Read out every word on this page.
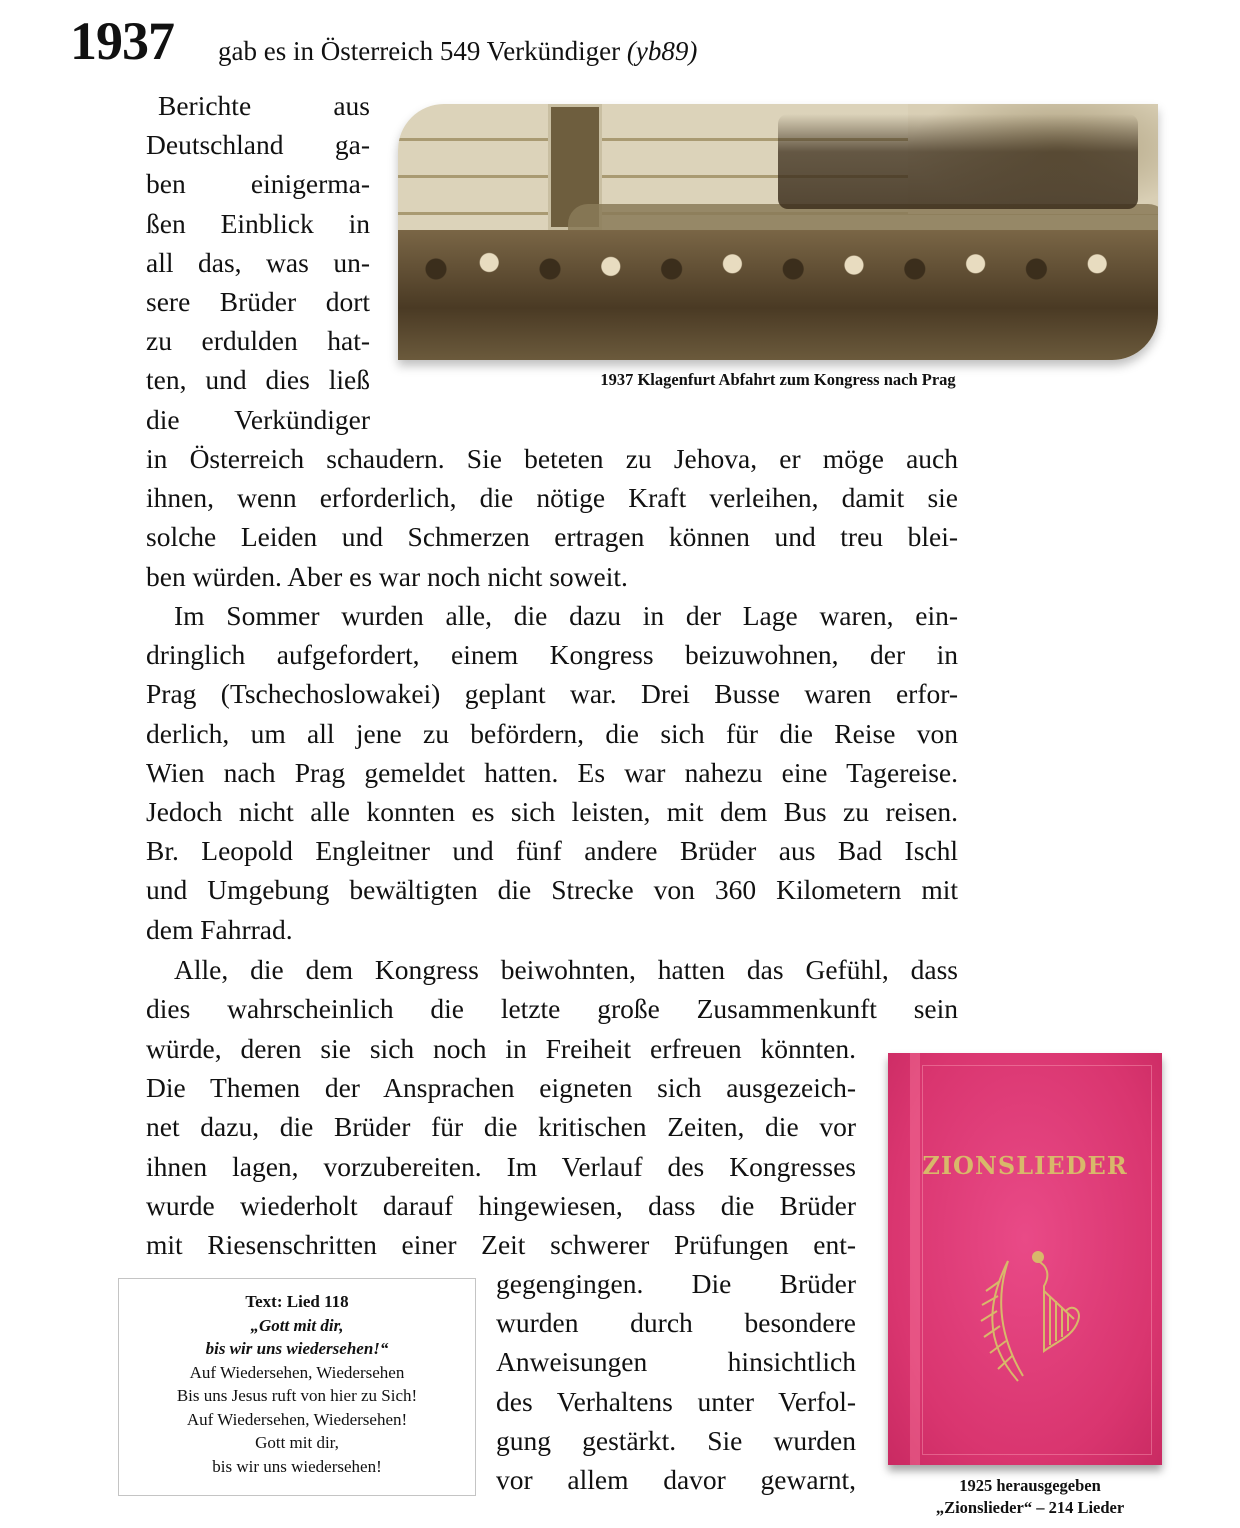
1937 gab es in Österreich 549 Verkündiger (yb89)
Berichte aus
Deutschland ga-
ben einigerma-
ßen Einblick in
all das, was un-
sere Brüder dort
zu erdulden hat-
ten, und dies ließ
die Verkündiger
1937 Klagenfurt Abfahrt zum Kongress nach Prag
in Österreich schaudern. Sie beteten zu Jehova, er möge auch
ihnen, wenn erforderlich, die nötige Kraft verleihen, damit sie
solche Leiden und Schmerzen ertragen können und treu blei-
ben würden. Aber es war noch nicht soweit.
Im Sommer wurden alle, die dazu in der Lage waren, ein-
dringlich aufgefordert, einem Kongress beizuwohnen, der in
Prag (Tschechoslowakei) geplant war. Drei Busse waren erfor-
derlich, um all jene zu befördern, die sich für die Reise von
Wien nach Prag gemeldet hatten. Es war nahezu eine Tagereise.
Jedoch nicht alle konnten es sich leisten, mit dem Bus zu reisen.
Br. Leopold Engleitner und fünf andere Brüder aus Bad Ischl
und Umgebung bewältigten die Strecke von 360 Kilometern mit
dem Fahrrad.
Alle, die dem Kongress beiwohnten, hatten das Gefühl, dass
dies wahrscheinlich die letzte große Zusammenkunft sein
würde, deren sie sich noch in Freiheit erfreuen könnten.
Die Themen der Ansprachen eigneten sich ausgezeich-
net dazu, die Brüder für die kritischen Zeiten, die vor
ihnen lagen, vorzubereiten. Im Verlauf des Kongresses
wurde wiederholt darauf hingewiesen, dass die Brüder
mit Riesenschritten einer Zeit schwerer Prüfungen ent-
gegengingen. Die Brüder
wurden durch besondere
Anweisungen hinsichtlich
des Verhaltens unter Verfol-
gung gestärkt. Sie wurden
vor allem davor gewarnt,
Text: Lied 118
„Gott mit dir,
bis wir uns wiedersehen!“
Auf Wiedersehen, Wiedersehen
Bis uns Jesus ruft von hier zu Sich!
Auf Wiedersehen, Wiedersehen!
Gott mit dir,
bis wir uns wiedersehen!
ZIONSLIEDER
1925 herausgegeben
„Zionslieder“ – 214 Lieder
